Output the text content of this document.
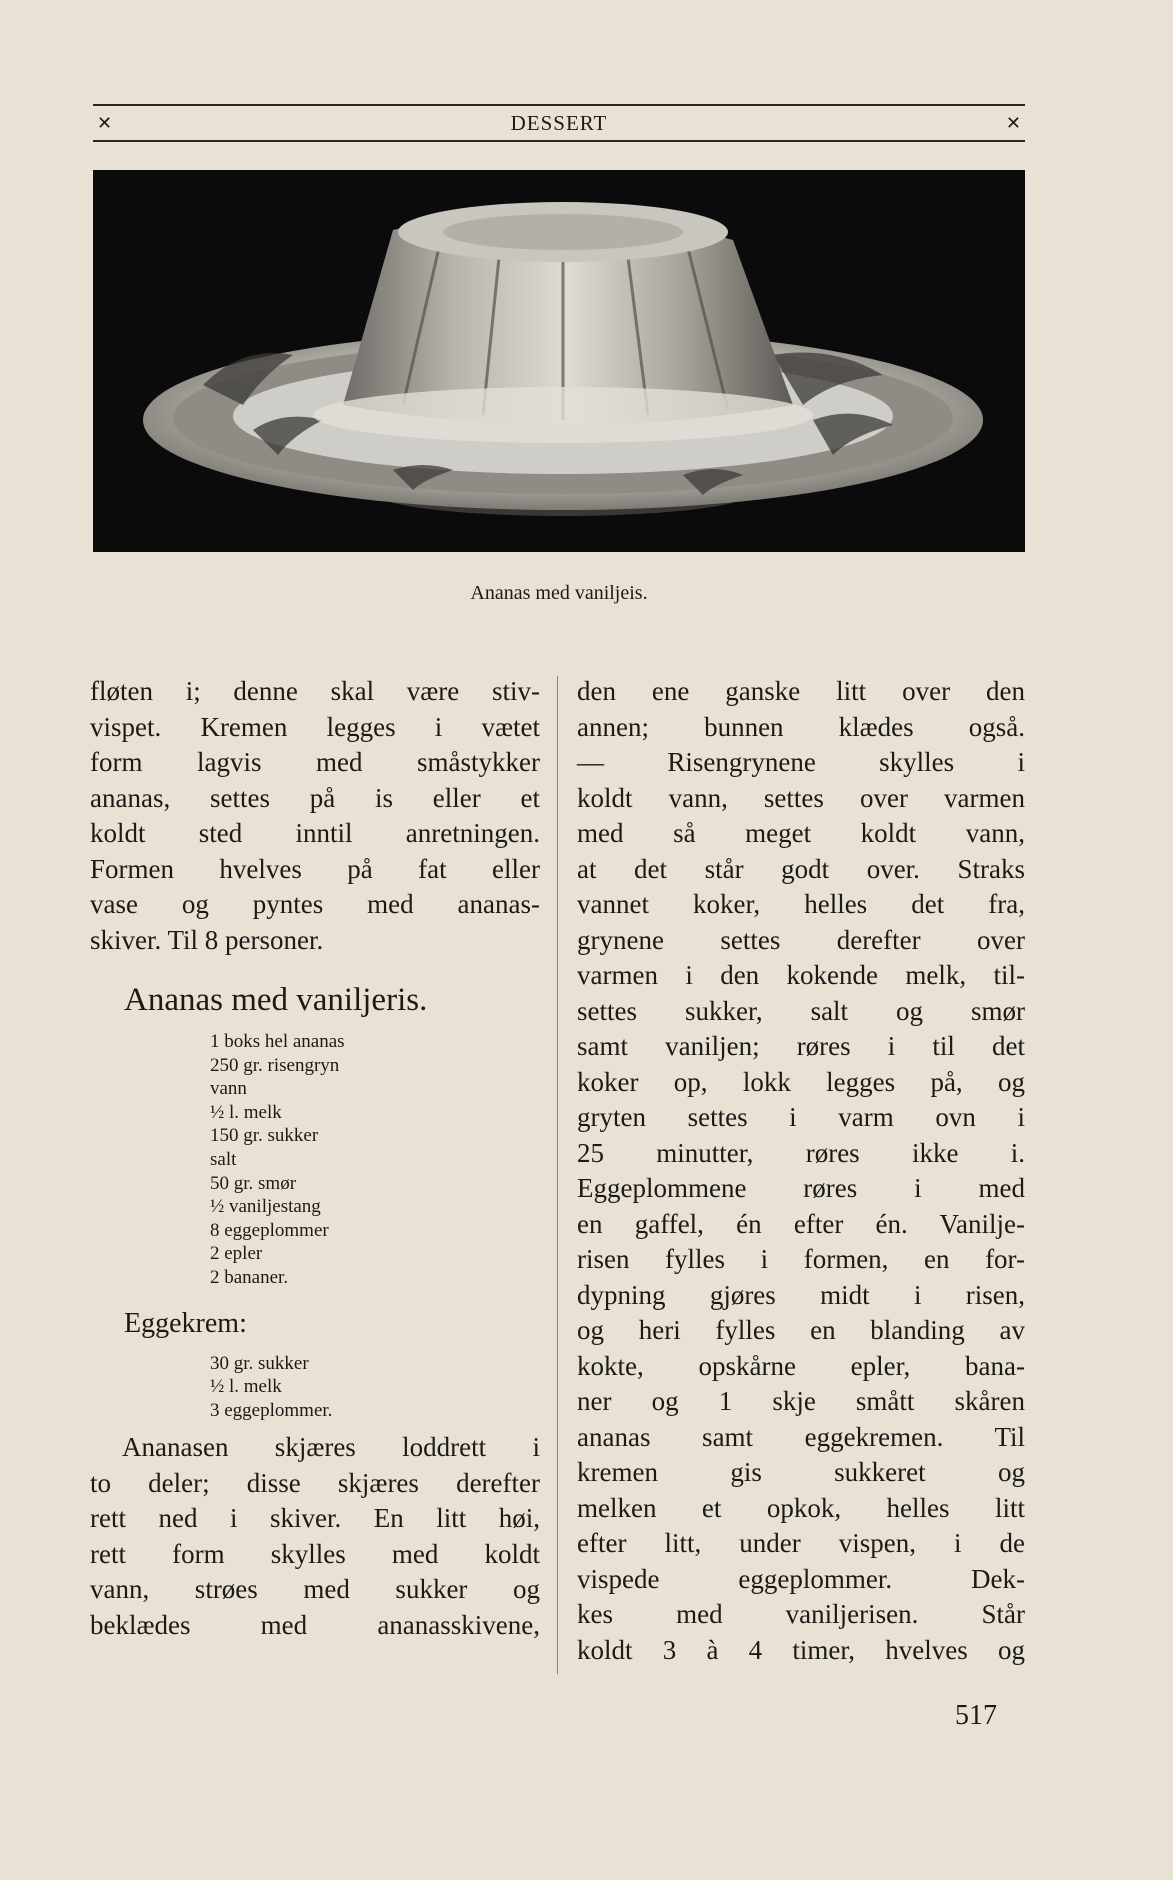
✕	DESSERT	✕
Ananas med vaniljeis.
fløten i; denne skal være stiv-
vispet. Kremen legges i vætet
form lagvis med småstykker
ananas, settes på is eller et
koldt sted inntil anretningen.
Formen hvelves på fat eller
vase og pyntes med ananas-
skiver. Til 8 personer.
Ananas med vaniljeris.
1 boks hel ananas
250 gr. risengryn
vann
½ l. melk
150 gr. sukker
salt
50 gr. smør
½ vaniljestang
8 eggeplommer
2 epler
2 bananer.
Eggekrem:
30 gr. sukker
½ l. melk
3 eggeplommer.
Ananasen skjæres loddrett i
to deler; disse skjæres derefter
rett ned i skiver. En litt høi,
rett form skylles med koldt
vann, strøes med sukker og
beklædes med ananasskivene,
den ene ganske litt over den
annen; bunnen klædes også.
— Risengrynene skylles i
koldt vann, settes over varmen
med så meget koldt vann,
at det står godt over. Straks
vannet koker, helles det fra,
grynene settes derefter over
varmen i den kokende melk, til-
settes sukker, salt og smør
samt vaniljen; røres i til det
koker op, lokk legges på, og
gryten settes i varm ovn i
25 minutter, røres ikke i.
Eggeplommene røres i med
en gaffel, én efter én. Vanilje-
risen fylles i formen, en for-
dypning gjøres midt i risen,
og heri fylles en blanding av
kokte, opskårne epler, bana-
ner og 1 skje smått skåren
ananas samt eggekremen. Til
kremen gis sukkeret og
melken et opkok, helles litt
efter litt, under vispen, i de
vispede eggeplommer. Dek-
kes med vaniljerisen. Står
koldt 3 à 4 timer, hvelves og
517
